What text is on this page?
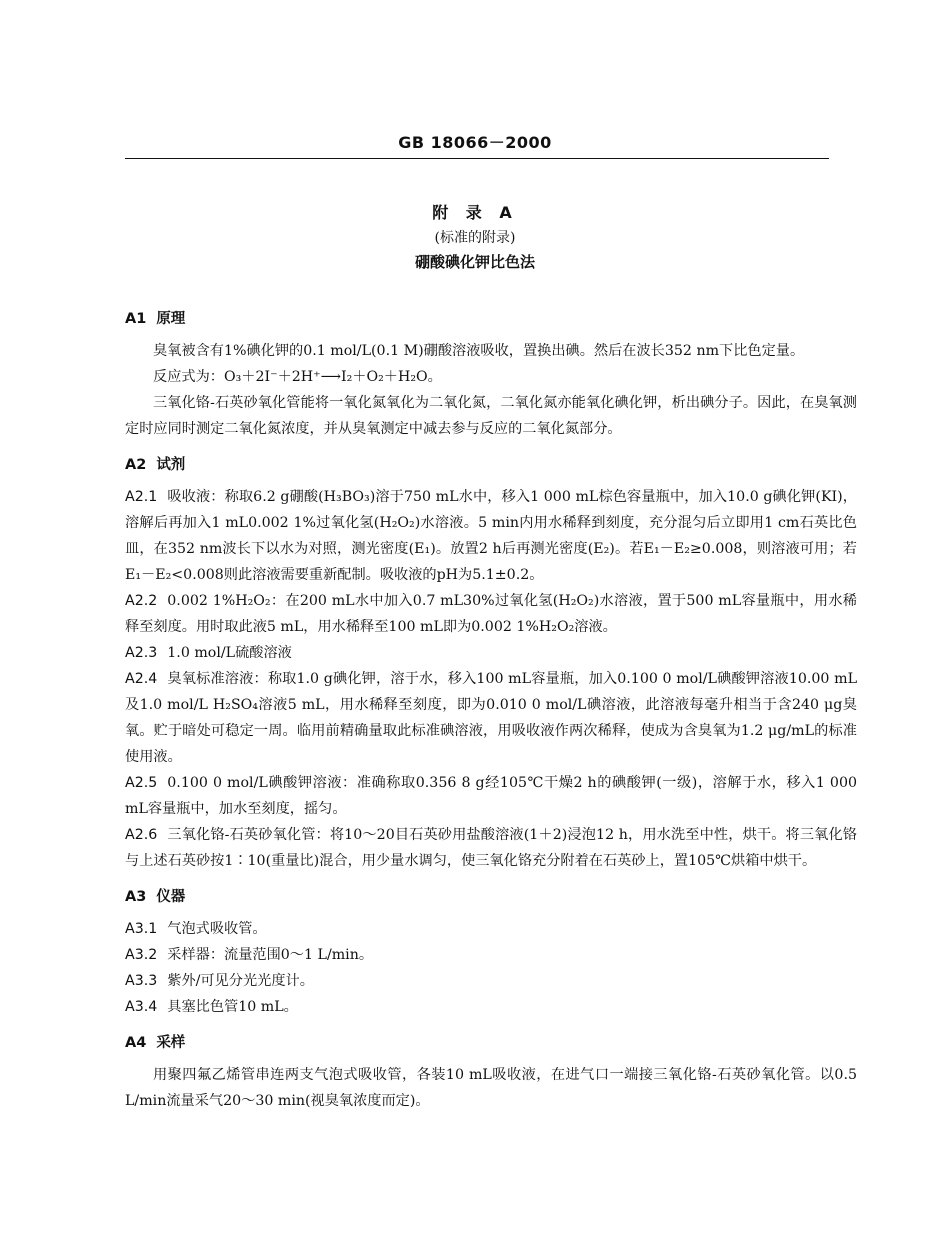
GB 18066－2000
附 录 A
(标准的附录)
硼酸碘化钾比色法
A1 原理

臭氧被含有1%碘化钾的0.1 mol/L(0.1 M)硼酸溶液吸收，置换出碘。然后在波长352 nm下比色定量。

反应式为：O₃＋2I⁻＋2H⁺⟶I₂＋O₂＋H₂O。

三氧化铬-石英砂氧化管能将一氧化氮氧化为二氧化氮，二氧化氮亦能氧化碘化钾，析出碘分子。因此，在臭氧测定时应同时测定二氧化氮浓度，并从臭氧测定中减去参与反应的二氧化氮部分。

A2 试剂

A2.1 吸收液：称取6.2 g硼酸(H₃BO₃)溶于750 mL水中，移入1 000 mL棕色容量瓶中，加入10.0 g碘化钾(KI)，溶解后再加入1 mL0.002 1%过氧化氢(H₂O₂)水溶液。5 min内用水稀释到刻度，充分混匀后立即用1 cm石英比色皿，在352 nm波长下以水为对照，测光密度(E₁)。放置2 h后再测光密度(E₂)。若E₁－E₂≥0.008，则溶液可用；若E₁－E₂<0.008则此溶液需要重新配制。吸收液的pH为5.1±0.2。

A2.2 0.002 1%H₂O₂：在200 mL水中加入0.7 mL30%过氧化氢(H₂O₂)水溶液，置于500 mL容量瓶中，用水稀释至刻度。用时取此液5 mL，用水稀释至100 mL即为0.002 1%H₂O₂溶液。

A2.3 1.0 mol/L硫酸溶液

A2.4 臭氧标准溶液：称取1.0 g碘化钾，溶于水，移入100 mL容量瓶，加入0.100 0 mol/L碘酸钾溶液10.00 mL及1.0 mol/L H₂SO₄溶液5 mL，用水稀释至刻度，即为0.010 0 mol/L碘溶液，此溶液每毫升相当于含240 μg臭氧。贮于暗处可稳定一周。临用前精确量取此标准碘溶液，用吸收液作两次稀释，使成为含臭氧为1.2 μg/mL的标准使用液。

A2.5 0.100 0 mol/L碘酸钾溶液：准确称取0.356 8 g经105℃干燥2 h的碘酸钾(一级)，溶解于水，移入1 000 mL容量瓶中，加水至刻度，摇匀。

A2.6 三氧化铬-石英砂氧化管：将10～20目石英砂用盐酸溶液(1＋2)浸泡12 h，用水洗至中性，烘干。将三氧化铬与上述石英砂按1∶10(重量比)混合，用少量水调匀，使三氧化铬充分附着在石英砂上，置105℃烘箱中烘干。

A3 仪器

A3.1 气泡式吸收管。

A3.2 采样器：流量范围0～1 L/min。

A3.3 紫外/可见分光光度计。

A3.4 具塞比色管10 mL。

A4 采样

用聚四氟乙烯管串连两支气泡式吸收管，各装10 mL吸收液，在进气口一端接三氧化铬-石英砂氧化管。以0.5 L/min流量采气20～30 min(视臭氧浓度而定)。
